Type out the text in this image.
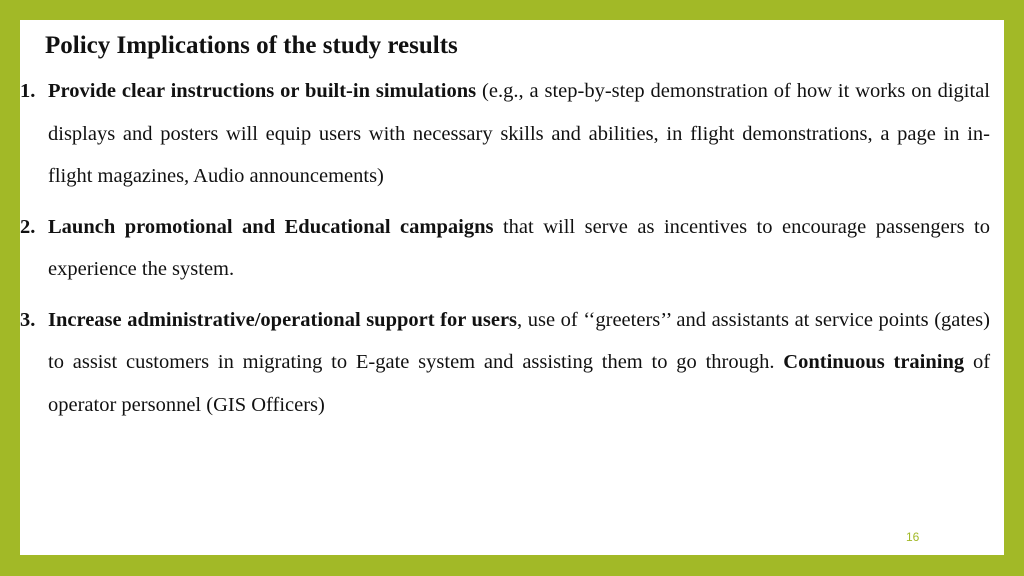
Policy Implications of the study results
1. Provide clear instructions or built-in simulations (e.g., a step-by-step demonstration of how it works on digital displays and posters will equip users with necessary skills and abilities, in flight demonstrations, a page in in-flight magazines, Audio announcements)
2. Launch promotional and Educational campaigns that will serve as incentives to encourage passengers to experience the system.
3. Increase administrative/operational support for users, use of ‘‘greeters’’ and assistants at service points (gates) to assist customers in migrating to E-gate system and assisting them to go through. Continuous training of operator personnel (GIS Officers)
16
